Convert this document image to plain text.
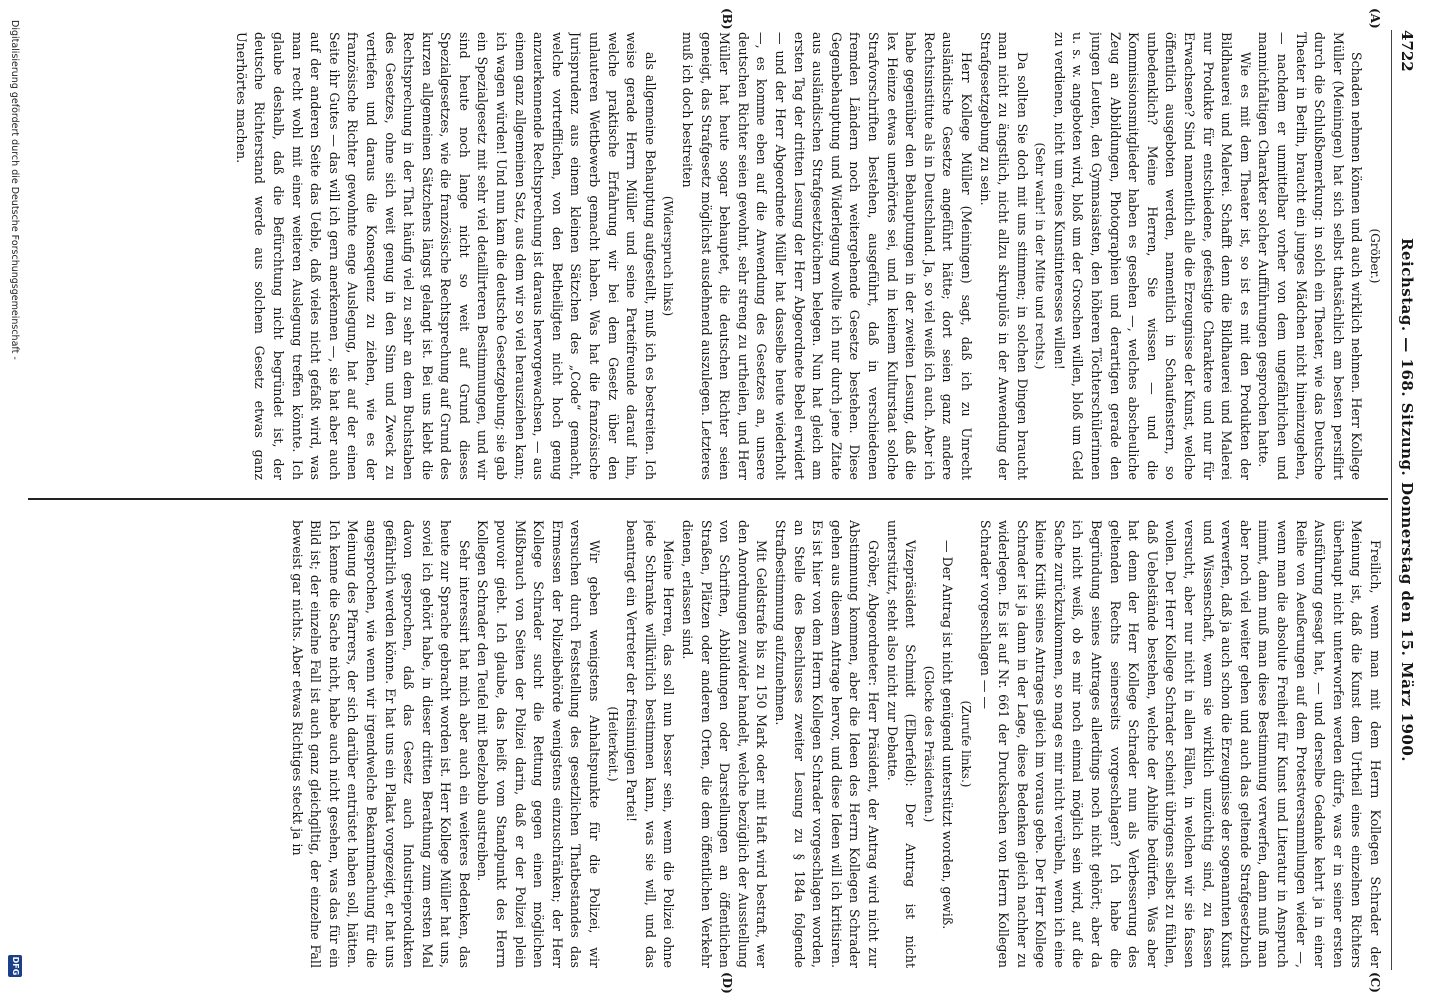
4722
Reichstag. — 168. Sitzung. Donnerstag den 15. März 1900.
(A)
(B)
(C)
(D)

(Gröber.)

Schaden nehmen können und auch wirklich nehmen. Herr Kollege Müller (Meiningen) hat sich selbst thatsächlich am besten persiflirt durch die Schlußbemerkung: in solch ein Theater, wie das Deutsche Theater in Berlin, braucht ein junges Mädchen nicht hineinzugehen, — nachdem er unmittelbar vorher von dem ungefährlichen und mannichfaltigen Charakter solcher Aufführungen gesprochen hatte.

Wie es mit dem Theater ist, so ist es mit den Produkten der Bildhauerei und Malerei. Schafft denn die Bildhauerei und Malerei nur Produkte für entschiedene, gefestigte Charaktere und nur für Erwachsene? Sind namentlich alle die Erzeugnisse der Kunst, welche öffentlich ausgeboten werden, namentlich in Schaufenstern, so unbedenklich? Meine Herren, Sie wissen — und die Kommissionsmitglieder haben es gesehen —, welches abscheuliche Zeug an Abbildungen, Photographien und derartigen gerade den jungen Leuten, den Gymnasiasten, den höheren Töchterschülerinnen u. s. w. angeboten wird, bloß um der Groschen willen, bloß um Geld zu verdienen, nicht um eines Kunstinteresses willen!

(Sehr wahr! in der Mitte und rechts.)

Da sollten Sie doch mit uns stimmen; in solchen Dingen braucht man nicht zu ängstlich, nicht allzu skrupulös in der Anwendung der Strafgesetzgebung zu sein.

Herr Kollege Müller (Meiningen) sagt, daß ich zu Unrecht ausländische Gesetze angeführt hätte; dort seien ganz andere Rechtsinstitute als in Deutschland. Ja, so viel weiß ich auch. Aber ich habe gegenüber den Behauptungen in der zweiten Lesung, daß die lex Heinze etwas unerhörtes sei, und in keinem Kulturstaat solche Strafvorschriften bestehen, ausgeführt, daß in verschiedenen fremden Ländern noch weitergehende Gesetze bestehen. Diese Gegenbehauptung und Widerlegung wollte ich nur durch jene Zitate aus ausländischen Strafgesetzbüchern belegen. Nun hat gleich am ersten Tag der dritten Lesung der Herr Abgeordnete Bebel erwidert — und der Herr Abgeordnete Müller hat dasselbe heute wiederholt —, es komme eben auf die Anwendung des Gesetzes an, unsere deutschen Richter seien gewohnt, sehr streng zu urtheilen, und Herr Müller hat heute sogar behauptet, die deutschen Richter seien geneigt, das Strafgesetz möglichst ausdehnend auszulegen. Letzteres muß ich doch bestreiten

(Widerspruch links)

als allgemeine Behauptung aufgestellt, muß ich es bestreiten. Ich weise gerade Herrn Müller und seine Parteifreunde darauf hin, welche praktische Erfahrung wir bei dem Gesetz über den unlauteren Wettbewerb gemacht haben. Was hat die französische Jurisprudenz aus einem kleinen Sätzchen des „Code“ gemacht, welche vortrefflichen, von den Betheiligten nicht hoch genug anzuerkennende Rechtsprechung ist daraus hervorgewachsen, — aus einem ganz allgemeinen Satz, aus dem wir so viel herausziehen kann; ich wagen würden! Und nun kam die deutsche Gesetzgebung; sie gab ein Spezialgesetz mit sehr viel detaillirteren Bestimmungen, und wir sind heute noch lange nicht so weit auf Grund dieses Spezialgesetzes, wie die französische Rechtsprechung auf Grund des kurzen allgemeinen Sätzchens längst gelangt ist. Bei uns klebt die Rechtsprechung in der That häufig viel zu sehr an dem Buchstaben des Gesetzes, ohne sich weit genug in den Sinn und Zweck zu vertiefen und daraus die Konsequenz zu ziehen, wie es der französische Richter gewohnte enge Auslegung, hat auf der einen Seite ihr Gutes — das will ich gern anerkennen —, sie hat aber auch auf der anderen Seite das Ueble, daß vieles nicht gefaßt wird, was man recht wohl mit einer weiteren Auslegung treffen könnte. Ich glaube deshalb, daß die Befürchtung nicht begründet ist, der deutsche Richterstand werde aus solchem Gesetz etwas ganz Unerhörtes machen.

Freilich, wenn man mit dem Herrn Kollegen Schrader der Meinung ist, daß die Kunst dem Urtheil eines einzelnen Richters überhaupt nicht unterworfen werden dürfe, was er in seiner ersten Ausführung gesagt hat, — und derselbe Gedanke kehrt ja in einer Reihe von Aeußerungen auf dem Protestversammlungen wieder —, wenn man die absolute Freiheit für Kunst und Literatur in Anspruch nimmt, dann muß man diese Bestimmung verwerfen, dann muß man aber noch viel weiter gehen und auch das geltende Strafgesetzbuch verwerfen, daß ja auch schon die Erzeugnisse der sogenannten Kunst und Wissenschaft, wenn sie wirklich unzüchtig sind, zu fassen versucht, aber nur nicht in allen Fällen, in welchen wir sie fassen wollen. Der Herr Kollege Schrader scheint übrigens selbst zu fühlen, daß Uebelstände bestehen, welche der Abhilfe bedürfen. Was aber hat denn der Herr Kollege Schrader nun als Verbesserung des geltenden Rechts seinerseits vorgeschlagen? Ich habe die Begründung seines Antrages allerdings noch nicht gehört; aber da ich nicht weiß, ob es mir noch einmal möglich sein wird, auf die Sache zurückzukommen, so mag es mir nicht verübeln, wenn ich eine kleine Kritik seines Antrages gleich im voraus gebe. Der Herr Kollege Schrader ist ja dann in der Lage, diese Bedenken gleich nachher zu widerlegen. Es ist auf Nr. 661 der Drucksachen von Herrn Kollegen Schrader vorgeschlagen — —

(Zurufe links.)

— Der Antrag ist nicht genügend unterstützt worden, gewiß.

(Glocke des Präsidenten.)

Vizepräsident Schmidt (Elberfeld): Der Antrag ist nicht unterstützt, steht also nicht zur Debatte.

Gröber, Abgeordneter: Herr Präsident, der Antrag wird nicht zur Abstimmung kommen, aber die Ideen des Herrn Kollegen Schrader gehen aus diesem Antrage hervor, und diese Ideen will ich kritisiren. Es ist hier von dem Herrn Kollegen Schrader vorgeschlagen worden, an Stelle des Beschlusses zweiter Lesung zu § 184a folgende Strafbestimmung aufzunehmen.

Mit Geldstrafe bis zu 150 Mark oder mit Haft wird bestraft, wer den Anordnungen zuwider handelt, welche bezüglich der Ausstellung von Schriften, Abbildungen oder Darstellungen an öffentlichen Straßen, Plätzen oder anderen Orten, die dem öffentlichen Verkehr dienen, erlassen sind.

Meine Herren, das soll nun besser sein, wenn die Polizei ohne jede Schranke willkürlich bestimmen kann, was sie will, und das beantragt ein Vertreter der freisinnigen Partei!

(Heiterkeit.)

Wir geben wenigstens Anhaltspunkte für die Polizei, wir versuchen durch Feststellung des gesetzlichen Thatbestandes das Ermessen der Polizeibehörde wenigstens einzuschränken; der Herr Kollege Schrader sucht die Rettung gegen einen möglichen Mißbrauch von Seiten der Polizei darin, daß er der Polizei plein pouvoir giebt. Ich glaube, das heißt vom Standpunkt des Herrn Kollegen Schrader den Teufel mit Beelzebub austreiben.

Sehr interessirt hat mich aber auch ein weiteres Bedenken, das heute zur Sprache gebracht worden ist. Herr Kollege Müller hat uns, soviel ich gehört habe, in dieser dritten Berathung zum ersten Mal davon gesprochen, daß das Gesetz auch Industrieprodukten gefährlich werden könne. Er hat uns ein Plakat vorgezeigt, er hat uns angesprochen, wie wenn wir irgendwelche Bekanntmachung für die Meinung des Pfarrers, der sich darüber entrüstet haben soll, hätten. Ich kenne die Sache nicht, habe auch nicht gesehen, was das für ein Bild ist; der einzelne Fall ist auch ganz gleichgiltig, der einzelne Fall beweist gar nichts. Aber etwas Richtiges steckt ja in

Digitalisierung gefördert durch die Deutsche Forschungsgemeinschaft -
DFG
